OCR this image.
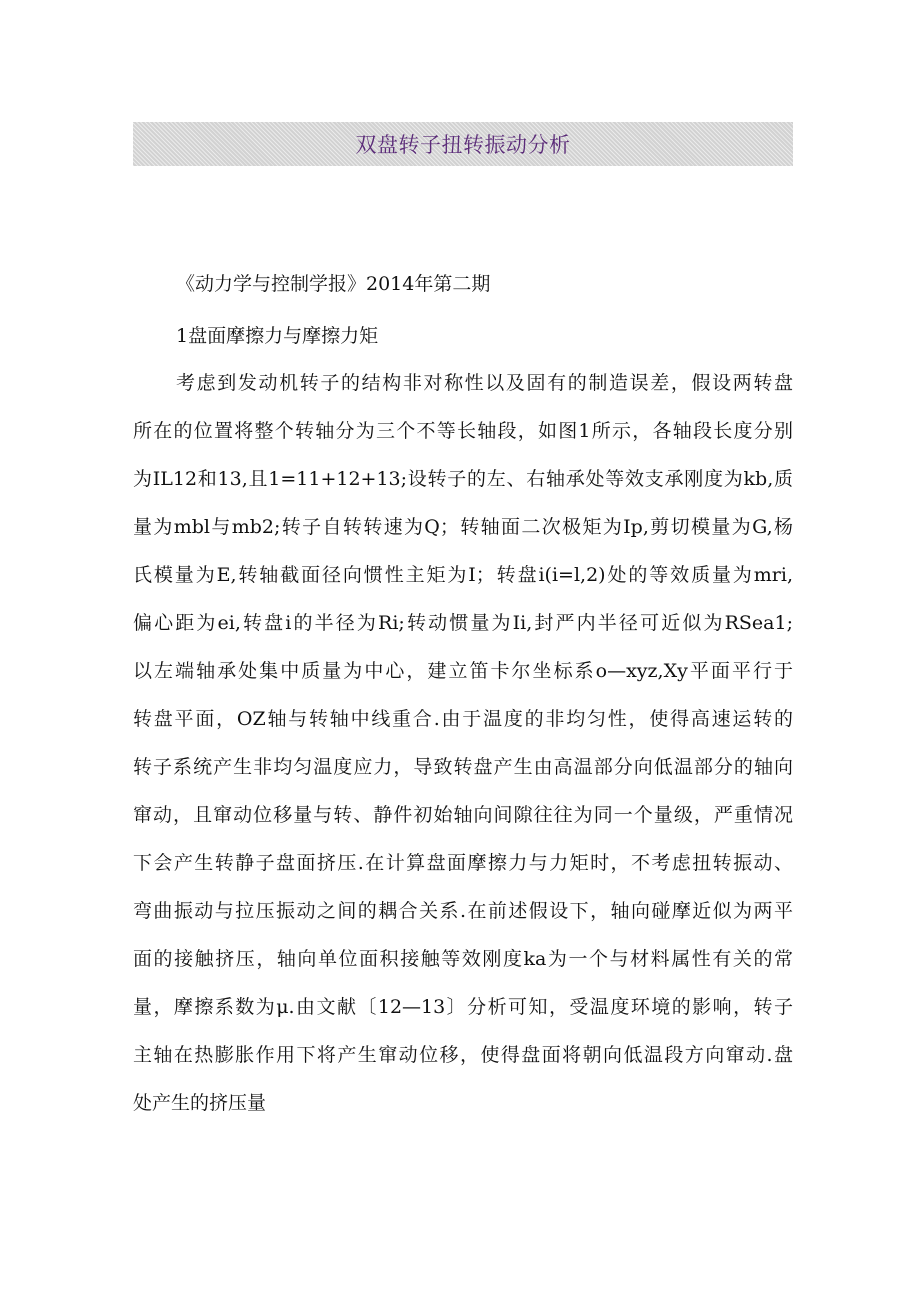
双盘转子扭转振动分析
《动力学与控制学报》2014年第二期
1盘面摩擦力与摩擦力矩
考虑到发动机转子的结构非对称性以及固有的制造误差，假设两转盘
所在的位置将整个转轴分为三个不等长轴段，如图1所示，各轴段长度分别
为IL12和13,且1=11+12+13;设转子的左、右轴承处等效支承刚度为kb,质
量为mbl与mb2;转子自转转速为Q；转轴面二次极矩为Ip,剪切模量为G,杨
氏模量为E,转轴截面径向惯性主矩为I；转盘i(i=l,2)处的等效质量为mri,
偏心距为ei,转盘i的半径为Ri;转动惯量为Ii,封严内半径可近似为RSea1;
以左端轴承处集中质量为中心，建立笛卡尔坐标系o—xyz,Xy平面平行于
转盘平面，OZ轴与转轴中线重合.由于温度的非均匀性，使得高速运转的
转子系统产生非均匀温度应力，导致转盘产生由高温部分向低温部分的轴向
窜动，且窜动位移量与转、静件初始轴向间隙往往为同一个量级，严重情况
下会产生转静子盘面挤压.在计算盘面摩擦力与力矩时，不考虑扭转振动、
弯曲振动与拉压振动之间的耦合关系.在前述假设下，轴向碰摩近似为两平
面的接触挤压，轴向单位面积接触等效刚度ka为一个与材料属性有关的常
量，摩擦系数为μ.由文献〔12—13〕分析可知，受温度环境的影响，转子
主轴在热膨胀作用下将产生窜动位移，使得盘面将朝向低温段方向窜动.盘
处产生的挤压量
